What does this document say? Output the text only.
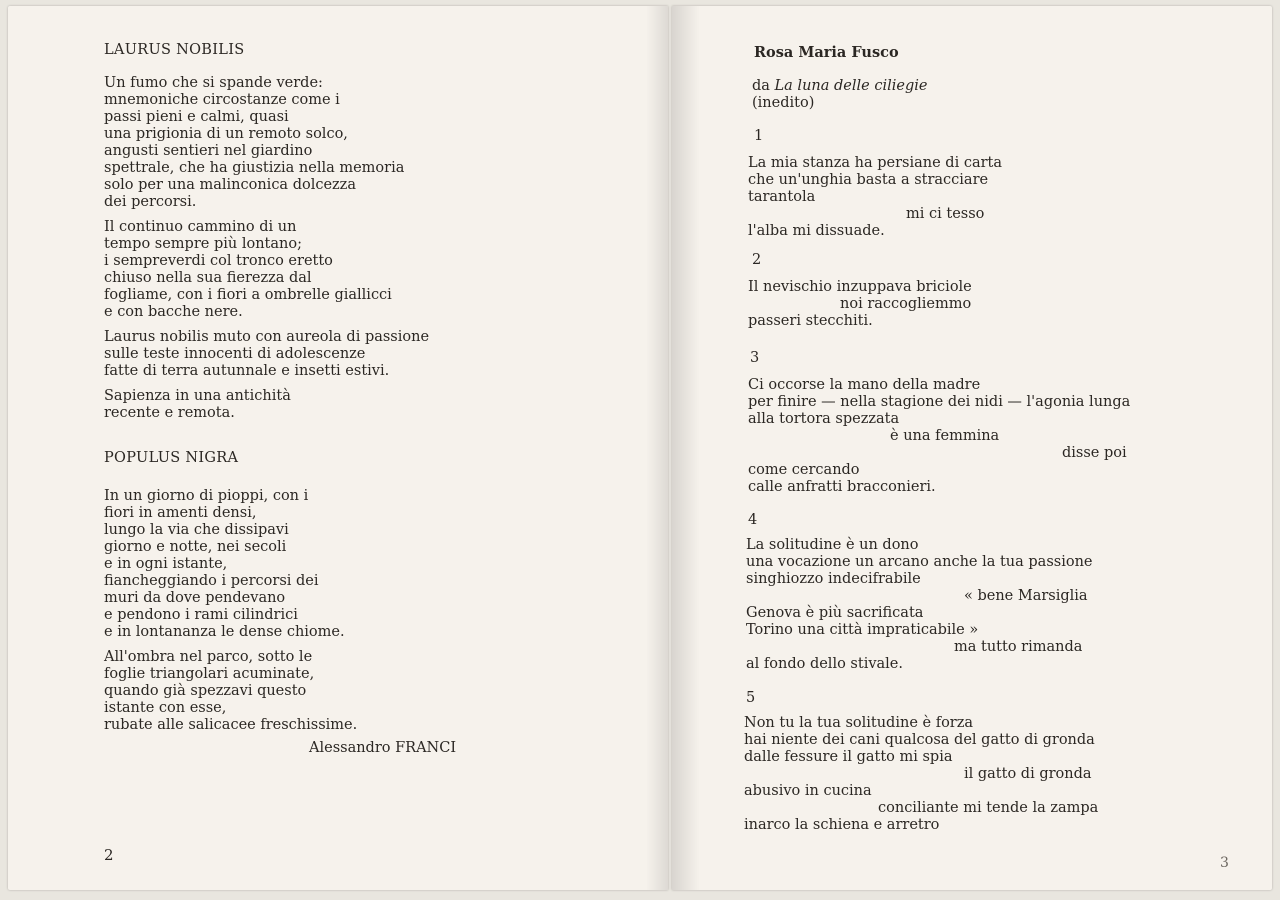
LAURUS NOBILIS
Un fumo che si spande verde:
mnemoniche circostanze come i
passi pieni e calmi, quasi
una prigionia di un remoto solco,
angusti sentieri nel giardino
spettrale, che ha giustizia nella memoria
solo per una malinconica dolcezza
dei percorsi.
Il continuo cammino di un
tempo sempre più lontano;
i sempreverdi col tronco eretto
chiuso nella sua fierezza dal
fogliame, con i fiori a ombrelle giallicci
e con bacche nere.
Laurus nobilis muto con aureola di passione
sulle teste innocenti di adolescenze
fatte di terra autunnale e insetti estivi.
Sapienza in una antichità
recente e remota.
POPULUS NIGRA
In un giorno di pioppi, con i
fiori in amenti densi,
lungo la via che dissipavi
giorno e notte, nei secoli
e in ogni istante,
fiancheggiando i percorsi dei
muri da dove pendevano
e pendono i rami cilindrici
e in lontananza le dense chiome.
All'ombra nel parco, sotto le
foglie triangolari acuminate,
quando già spezzavi questo
istante con esse,
rubate alle salicacee freschissime.
Alessandro FRANCI
2
Rosa Maria Fusco
da La luna delle ciliegie
(inedito)
1
La mia stanza ha persiane di carta
che un'unghia basta a stracciare
tarantola
mi ci tesso
l'alba mi dissuade.
2
Il nevischio inzuppava briciole
noi raccogliemmo
passeri stecchiti.
3
Ci occorse la mano della madre
per finire — nella stagione dei nidi — l'agonia lunga
alla tortora spezzata
è una femmina
disse poi
come cercando
calle anfratti bracconieri.
4
La solitudine è un dono
una vocazione un arcano anche la tua passione
singhiozzo indecifrabile
« bene Marsiglia
Genova è più sacrificata
Torino una città impraticabile »
ma tutto rimanda
al fondo dello stivale.
5
Non tu la tua solitudine è forza
hai niente dei cani qualcosa del gatto di gronda
dalle fessure il gatto mi spia
il gatto di gronda
abusivo in cucina
conciliante mi tende la zampa
inarco la schiena e arretro
3
